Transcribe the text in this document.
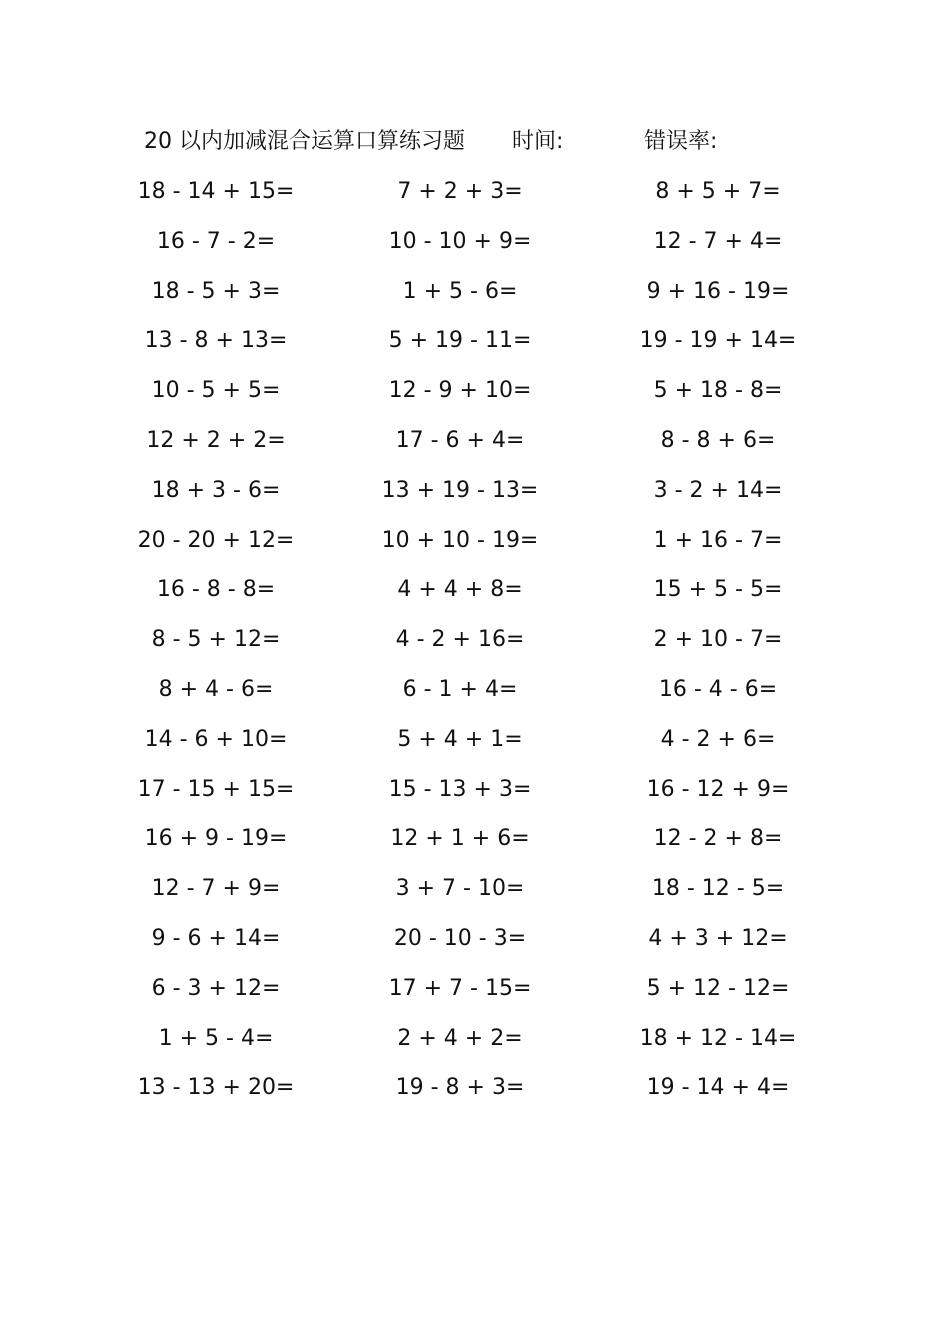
20 以内加减混合运算口算练习题 时间:	错误率:
18 - 14 + 15=	7 + 2 + 3=	8 + 5 + 7=
16 - 7 - 2=	10 - 10 + 9=	12 - 7 + 4=
18 - 5 + 3=	1 + 5 - 6=	9 + 16 - 19=
13 - 8 + 13=	5 + 19 - 11=	19 - 19 + 14=
10 - 5 + 5=	12 - 9 + 10=	5 + 18 - 8=
12 + 2 + 2=	17 - 6 + 4=	8 - 8 + 6=
18 + 3 - 6=	13 + 19 - 13=	3 - 2 + 14=
20 - 20 + 12=	10 + 10 - 19=	1 + 16 - 7=
16 - 8 - 8=	4 + 4 + 8=	15 + 5 - 5=
8 - 5 + 12=	4 - 2 + 16=	2 + 10 - 7=
8 + 4 - 6=	6 - 1 + 4=	16 - 4 - 6=
14 - 6 + 10=	5 + 4 + 1=	4 - 2 + 6=
17 - 15 + 15=	15 - 13 + 3=	16 - 12 + 9=
16 + 9 - 19=	12 + 1 + 6=	12 - 2 + 8=
12 - 7 + 9=	3 + 7 - 10=	18 - 12 - 5=
9 - 6 + 14=	20 - 10 - 3=	4 + 3 + 12=
6 - 3 + 12=	17 + 7 - 15=	5 + 12 - 12=
1 + 5 - 4=	2 + 4 + 2=	18 + 12 - 14=
13 - 13 + 20=	19 - 8 + 3=	19 - 14 + 4=
